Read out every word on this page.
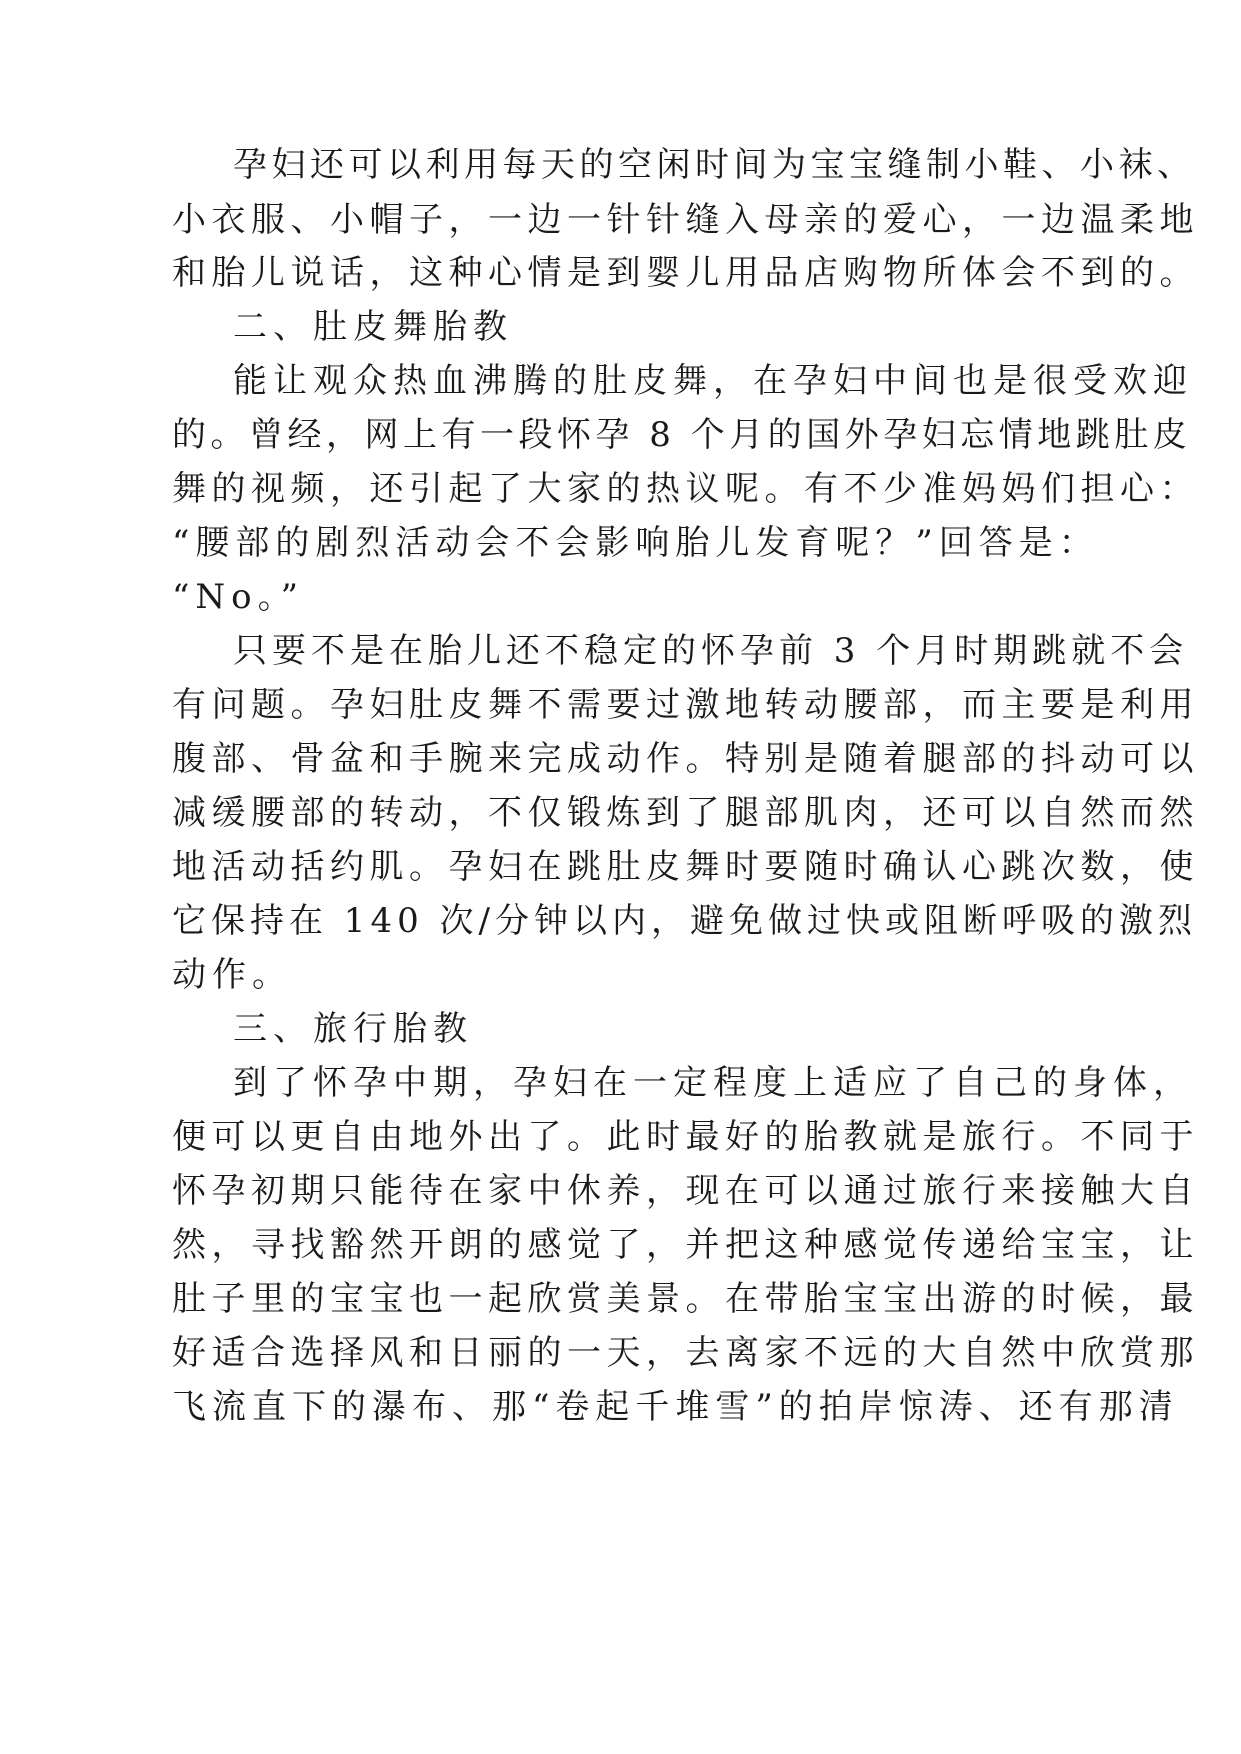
孕妇还可以利用每天的空闲时间为宝宝缝制小鞋、小袜、
小衣服、小帽子，一边一针针缝入母亲的爱心，一边温柔地
和胎儿说话，这种心情是到婴儿用品店购物所体会不到的。
二、肚皮舞胎教
能让观众热血沸腾的肚皮舞，在孕妇中间也是很受欢迎
的。曾经，网上有一段怀孕 8 个月的国外孕妇忘情地跳肚皮
舞的视频，还引起了大家的热议呢。有不少准妈妈们担心：
“腰部的剧烈活动会不会影响胎儿发育呢？”回答是：
“No。”
只要不是在胎儿还不稳定的怀孕前 3 个月时期跳就不会
有问题。孕妇肚皮舞不需要过激地转动腰部，而主要是利用
腹部、骨盆和手腕来完成动作。特别是随着腿部的抖动可以
减缓腰部的转动，不仅锻炼到了腿部肌肉，还可以自然而然
地活动括约肌。孕妇在跳肚皮舞时要随时确认心跳次数，使
它保持在 140 次/分钟以内，避免做过快或阻断呼吸的激烈
动作。
三、旅行胎教
到了怀孕中期，孕妇在一定程度上适应了自己的身体，
便可以更自由地外出了。此时最好的胎教就是旅行。不同于
怀孕初期只能待在家中休养，现在可以通过旅行来接触大自
然，寻找豁然开朗的感觉了，并把这种感觉传递给宝宝，让
肚子里的宝宝也一起欣赏美景。在带胎宝宝出游的时候，最
好适合选择风和日丽的一天，去离家不远的大自然中欣赏那
飞流直下的瀑布、那“卷起千堆雪”的拍岸惊涛、还有那清
